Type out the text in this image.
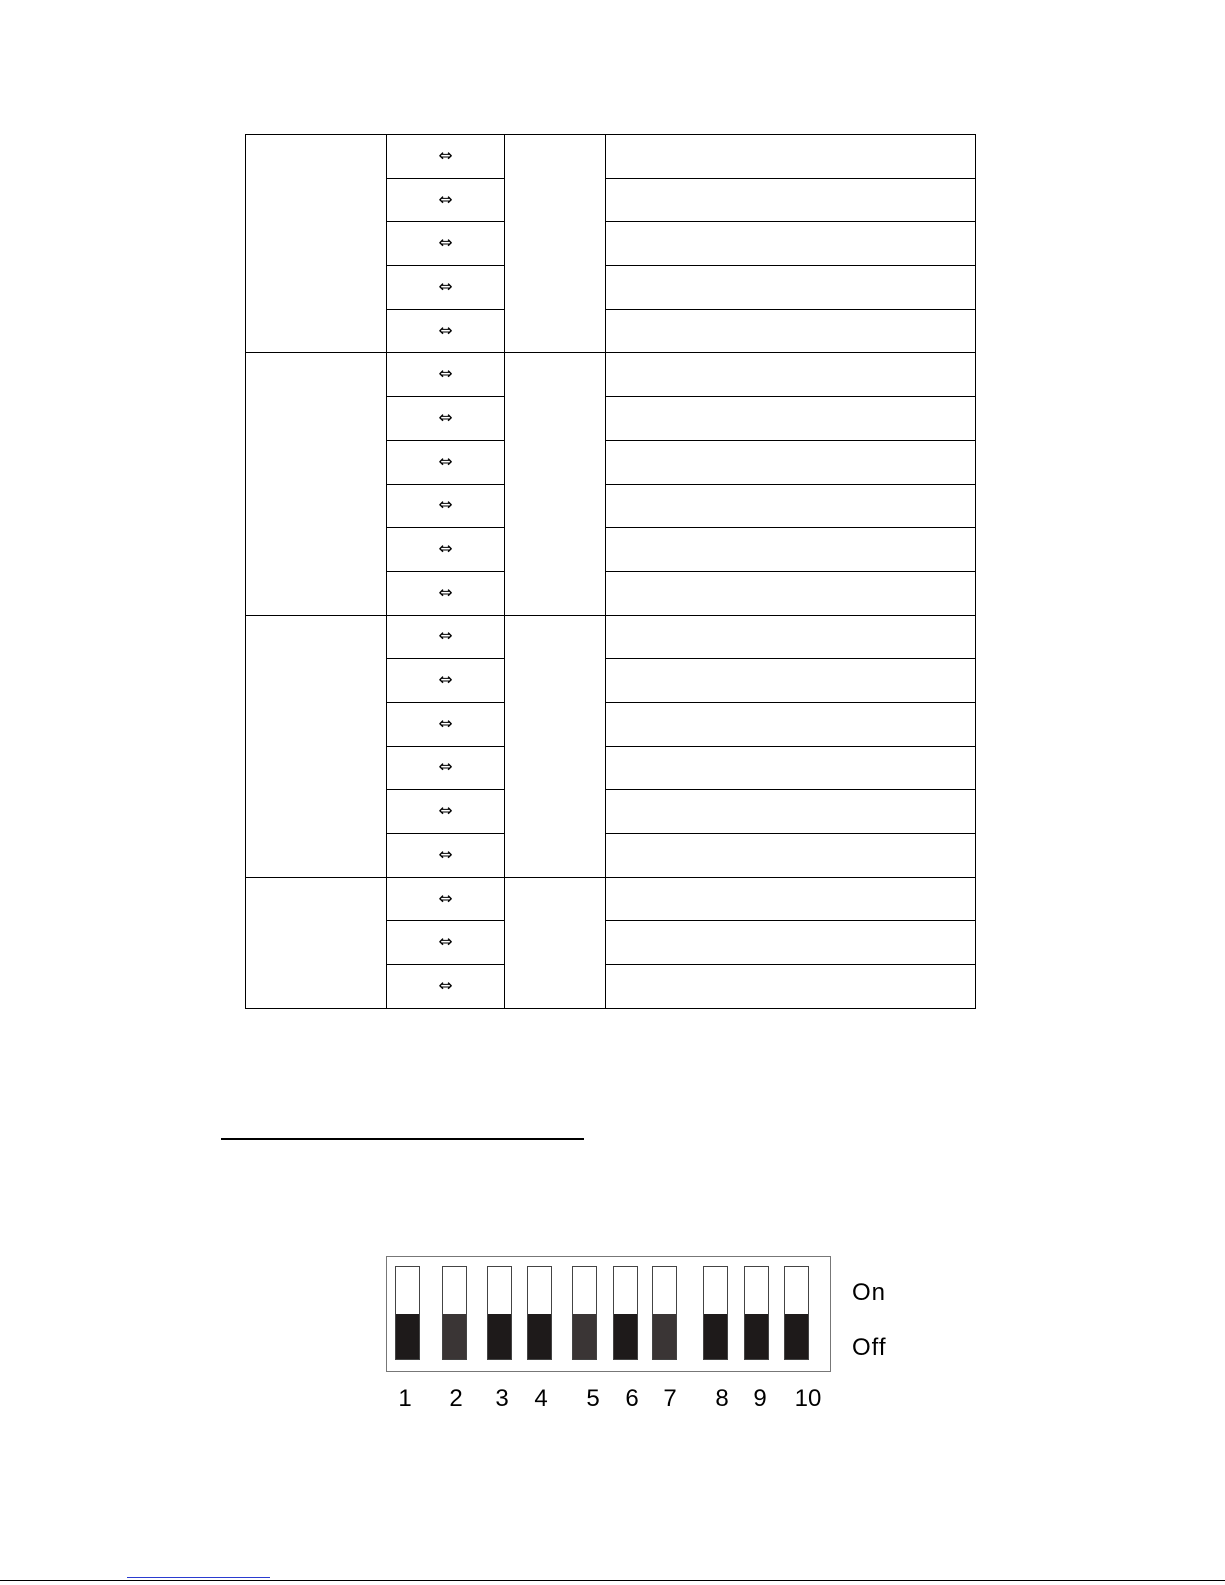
	⇔		
	⇔		
	⇔		
	⇔		
	⇔		
	⇔		
	⇔		
	⇔		
	⇔		
	⇔		
	⇔		
	⇔		
	⇔		
	⇔		
	⇔		
	⇔		
	⇔		
	⇔		
	⇔		
	⇔		
On
Off
1 2 3 4 5 6 7 8 9 10
